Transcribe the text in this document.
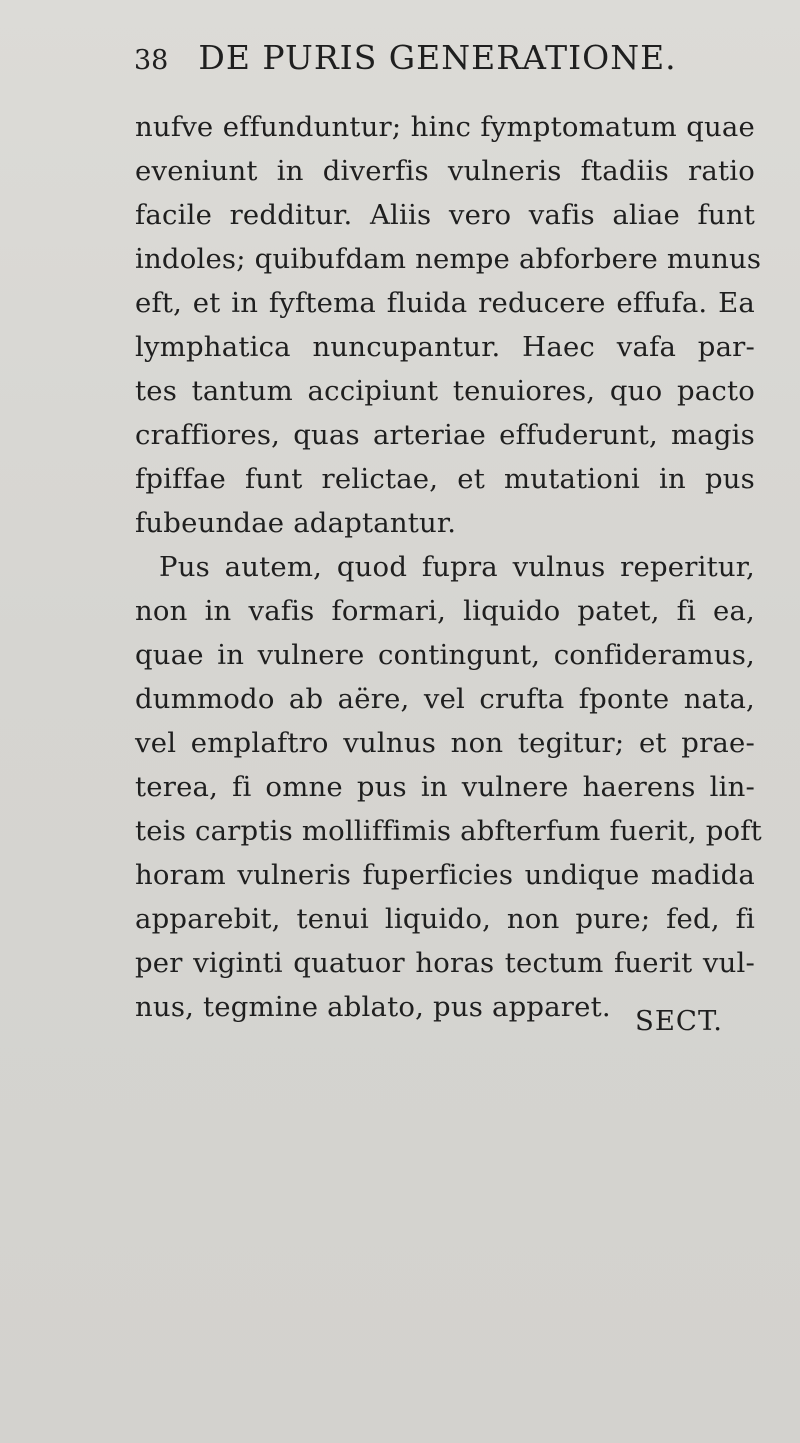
38 DE PURIS GENERATIONE.
nufve effunduntur; hinc fymptomatum quae
eveniunt in diverfis vulneris ftadiis ratio
facile redditur. Aliis vero vafis aliae funt
indoles; quibufdam nempe abforbere munus
eft, et in fyftema fluida reducere effufa. Ea
lymphatica nuncupantur. Haec vafa par-
tes tantum accipiunt tenuiores, quo pacto
craffiores, quas arteriae effuderunt, magis
fpiffae funt relictae, et mutationi in pus
fubeundae adaptantur.
Pus autem, quod fupra vulnus reperitur,
non in vafis formari, liquido patet, fi ea,
quae in vulnere contingunt, confideramus,
dummodo ab aëre, vel crufta fponte nata,
vel emplaftro vulnus non tegitur; et prae-
terea, fi omne pus in vulnere haerens lin-
teis carptis molliffimis abfterfum fuerit, poft
horam vulneris fuperficies undique madida
apparebit, tenui liquido, non pure; fed, fi
per viginti quatuor horas tectum fuerit vul-
nus, tegmine ablato, pus apparet. SECT.
